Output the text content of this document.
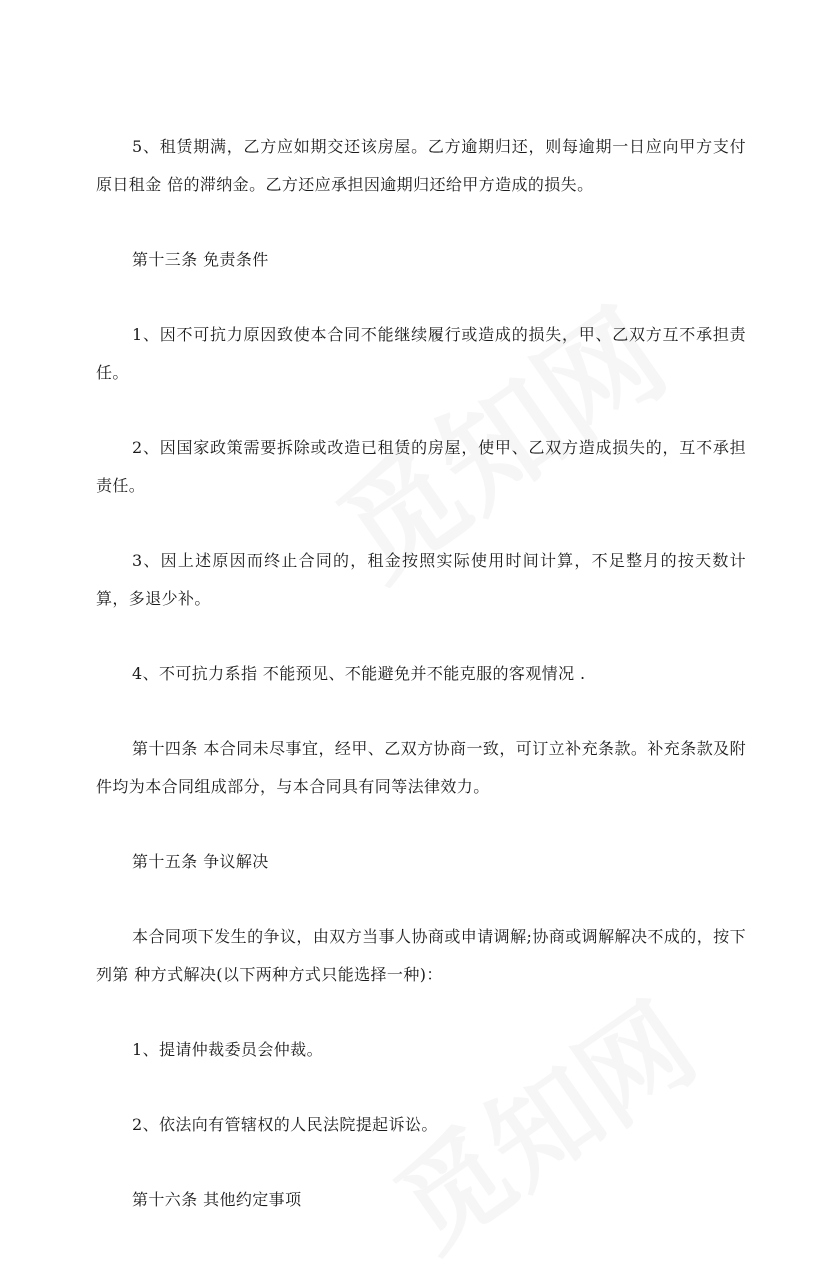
5、租赁期满，乙方应如期交还该房屋。乙方逾期归还，则每逾期一日应向甲方支付原日租金 倍的滞纳金。乙方还应承担因逾期归还给甲方造成的损失。

第十三条 免责条件

1、因不可抗力原因致使本合同不能继续履行或造成的损失，甲、乙双方互不承担责任。

2、因国家政策需要拆除或改造已租赁的房屋，使甲、乙双方造成损失的，互不承担责任。

3、因上述原因而终止合同的，租金按照实际使用时间计算，不足整月的按天数计算，多退少补。

4、不可抗力系指 不能预见、不能避免并不能克服的客观情况 .

第十四条 本合同未尽事宜，经甲、乙双方协商一致，可订立补充条款。补充条款及附件均为本合同组成部分，与本合同具有同等法律效力。

第十五条 争议解决

本合同项下发生的争议，由双方当事人协商或申请调解;协商或调解解决不成的，按下列第 种方式解决(以下两种方式只能选择一种)：

1、提请仲裁委员会仲裁。

2、依法向有管辖权的人民法院提起诉讼。

第十六条 其他约定事项
